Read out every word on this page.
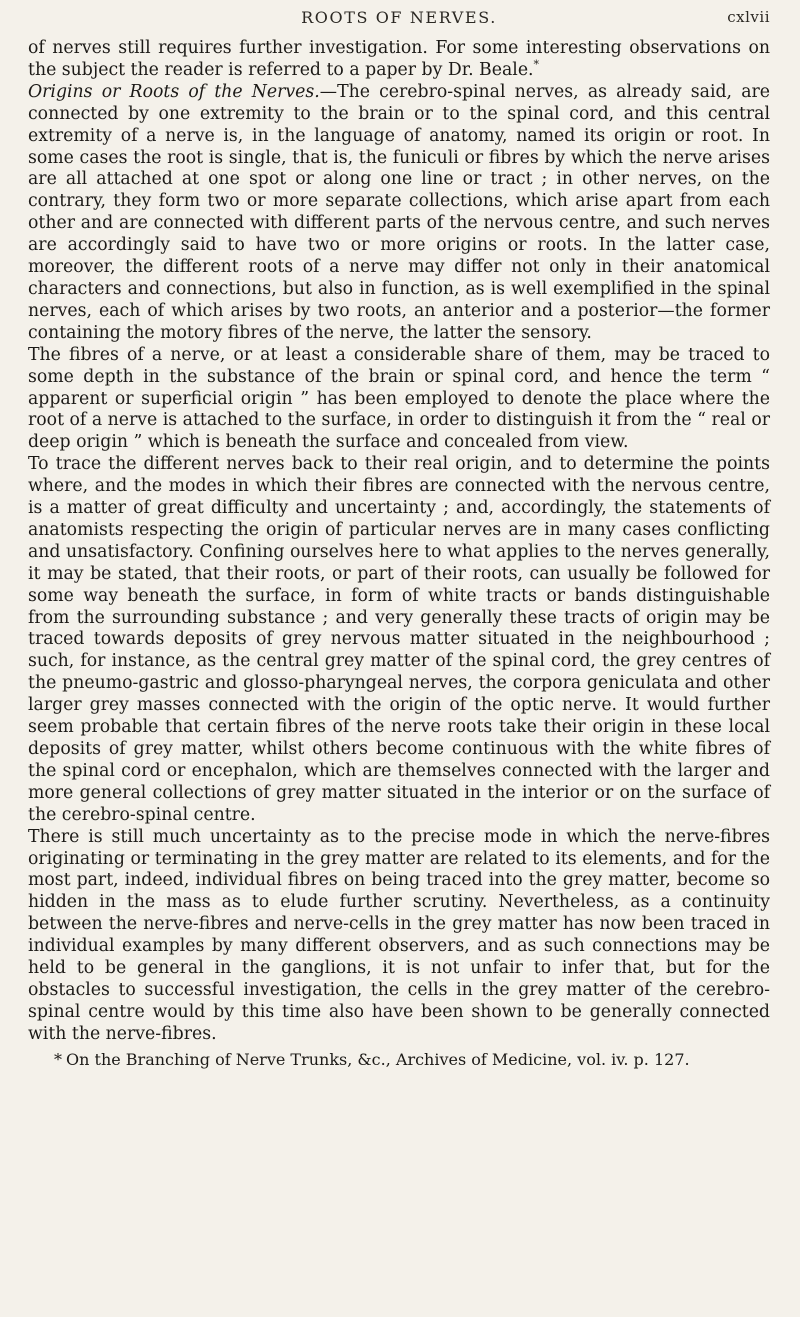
ROOTS OF NERVES.	cxlvii

of nerves still requires further investigation. For some interesting observations on the subject the reader is referred to a paper by Dr. Beale.*

Origins or Roots of the Nerves.—The cerebro-spinal nerves, as already said, are connected by one extremity to the brain or to the spinal cord, and this central extremity of a nerve is, in the language of anatomy, named its origin or root. In some cases the root is single, that is, the funiculi or fibres by which the nerve arises are all attached at one spot or along one line or tract ; in other nerves, on the contrary, they form two or more separate collections, which arise apart from each other and are connected with different parts of the nervous centre, and such nerves are accordingly said to have two or more origins or roots. In the latter case, moreover, the different roots of a nerve may differ not only in their anatomical characters and connections, but also in function, as is well exemplified in the spinal nerves, each of which arises by two roots, an anterior and a posterior—the former containing the motory fibres of the nerve, the latter the sensory.

The fibres of a nerve, or at least a considerable share of them, may be traced to some depth in the substance of the brain or spinal cord, and hence the term “ apparent or superficial origin ” has been employed to denote the place where the root of a nerve is attached to the surface, in order to distinguish it from the “ real or deep origin ” which is beneath the surface and concealed from view.

To trace the different nerves back to their real origin, and to determine the points where, and the modes in which their fibres are connected with the nervous centre, is a matter of great difficulty and uncertainty ; and, accordingly, the statements of anatomists respecting the origin of particular nerves are in many cases conflicting and unsatisfactory. Confining ourselves here to what applies to the nerves generally, it may be stated, that their roots, or part of their roots, can usually be followed for some way beneath the surface, in form of white tracts or bands distinguishable from the surrounding substance ; and very generally these tracts of origin may be traced towards deposits of grey nervous matter situated in the neighbourhood ; such, for instance, as the central grey matter of the spinal cord, the grey centres of the pneumo-gastric and glosso-pharyngeal nerves, the corpora geniculata and other larger grey masses connected with the origin of the optic nerve. It would further seem probable that certain fibres of the nerve roots take their origin in these local deposits of grey matter, whilst others become continuous with the white fibres of the spinal cord or encephalon, which are themselves connected with the larger and more general collections of grey matter situated in the interior or on the surface of the cerebro-spinal centre.

There is still much uncertainty as to the precise mode in which the nerve-fibres originating or terminating in the grey matter are related to its elements, and for the most part, indeed, individual fibres on being traced into the grey matter, become so hidden in the mass as to elude further scrutiny. Nevertheless, as a continuity between the nerve-fibres and nerve-cells in the grey matter has now been traced in individual examples by many different observers, and as such connections may be held to be general in the ganglions, it is not unfair to infer that, but for the obstacles to successful investigation, the cells in the grey matter of the cerebro-spinal centre would by this time also have been shown to be generally connected with the nerve-fibres.

* On the Branching of Nerve Trunks, &c., Archives of Medicine, vol. iv. p. 127.
